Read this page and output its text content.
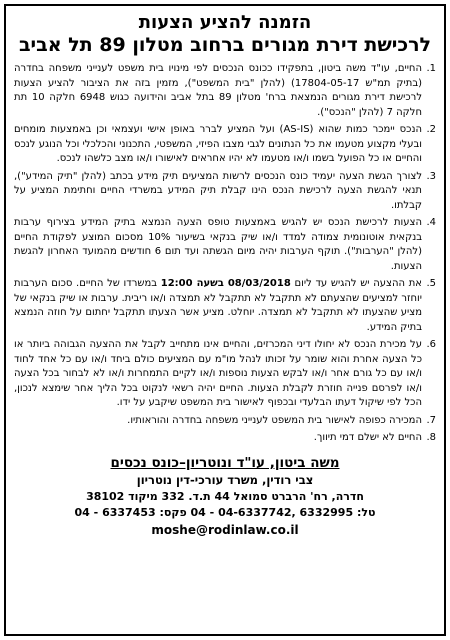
הזמנה להציע הצעות
לרכישת דירת מגורים ברחוב מטלון 89 תל אביב
1.
החיים, עו"ד משה ביטון, בתפקידו ככונס הנכסים לפי מינויו בית משפט לענייני משפחה בחדרה (בתיק תמ"ש 17804-05-17) (להלן "בית המשפט"), מזמין בזה את הציבור להציע הצעות לרכישת דירת מגורים הנמצאת ברח' מטלון 89 בתל אביב והידועה כגוש 6948 חלקה 10 תת חלקה 7 (להלן "הנכס").
2.
הנכס יימכר כמות שהוא (AS-IS) ועל המציע לברר באופן אישי ועצמאי וכן באמצעות מומחים ובעלי מקצוע מטעמו את כל הנתונים לגבי מצבו הפיזי, המשפטי, התכנוני והכלכלי וכל הנוגע לנכס והחיים או כל הפועל בשמו ו/או מטעמו לא יהיו אחראים לאישורו ו/או מצב כלשהו לנכס.
3.
לצורך הגשת הצעה יעמיד כונס הנכסים לרשות המציעים תיק מידע בכתב (להלן "תיק המידע"), תנאי להגשת הצעה לרכישת הנכס הינו קבלת תיק המידע במשרדי החיים וחתימת המציע על קבלתו.
4.
הצעות לרכישת הנכס יש להגיש באמצעות טופס הצעה הנמצא בתיק המידע בצירוף ערבות בנקאית אוטונומית צמודה למדד ו/או שיק בנקאי בשיעור 10% מסכום המוצע לפקודת החיים (להלן "הערבות"). תוקף הערבות יהיה מיום הגשתה ועד תום 6 חודשים מהמועד האחרון להגשת הצעות.
5.
את ההצעה יש להגיש עד ליום 08/03/2018 בשעה 12:00 במשרדו של החיים. סכום הערבות יוחזר למציעים שהצעתם לא תתקבל לא תתקבל לא תמצדה ו/או ריבית. ערבות או שיק בנקאי של מציע שהצעתו לא תתקבל לא תמצדה. יוחלט. מציע אשר הצעתו תתקבל יחתום על חוזה הנמצא בתיק המידע.
6.
על מכירת הנכס לא יחולו דיני המכרזים, והחיים אינו מתחייב לקבל את ההצעה הגבוהה ביותר או כל הצעה אחרת והוא שומר על זכותו לנהל מו"מ עם המציעים כולם ביחד ו/או עם כל אחד לחוד ו/או עם כל גורם אחר ו/או לבקש הצעות נוספות ו/או לקיים התמחרות ו/או לא לבחור בכל הצעה ו/או לפרסם פנייה חוזרת לקבלת הצעות. החיים יהיה רשאי לנקוט בכל הליך אחר שימצא לנכון, הכל לפי שיקול דעתו הבלעדי ובכפוף לאישור בית המשפט שיקבע על ידו.
7.
המכירה כפופה לאישור בית המשפט לענייני משפחה בחדרה והוראותיו.
8.
החיים לא ישלם דמי תיווך.
משה ביטון, עו"ד ונוטריון–כונס נכסים
צבי רודין, משרד עורכי-דין נוטריון
חדרה, רח' הרברט סמואל 44 ת.ד. 332 מיקוד 38102
טל: 6332995 ,04-6337742 - 04 פקס: 6337453 - 04
moshe@rodinlaw.co.il
